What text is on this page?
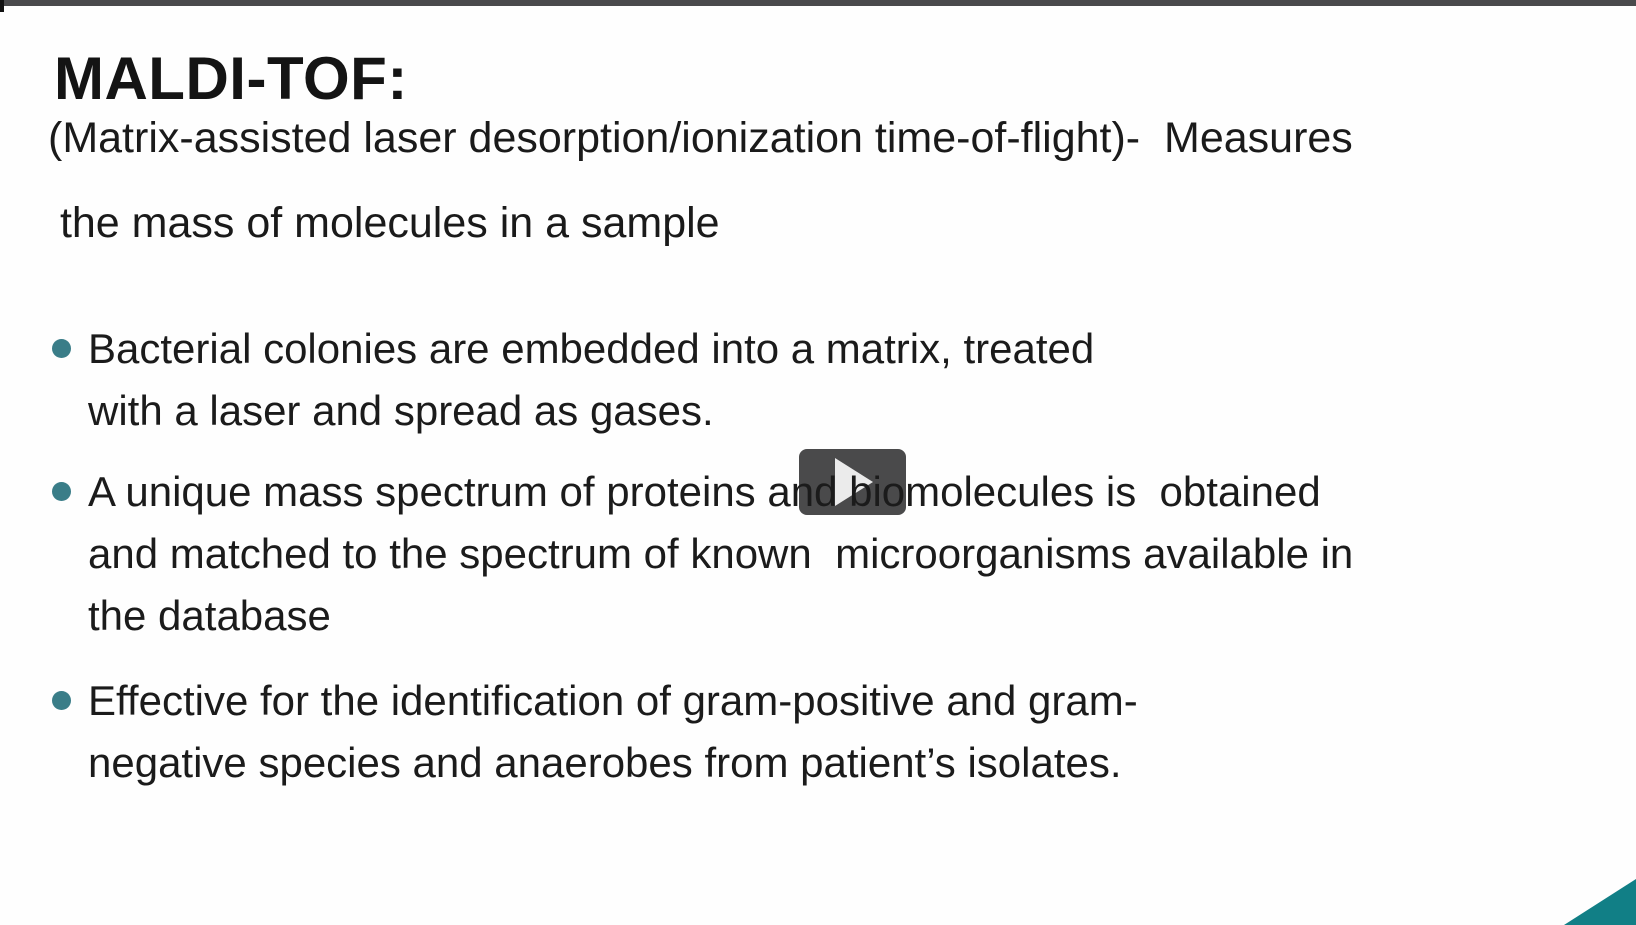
MALDI-TOF:
(Matrix-assisted laser desorption/ionization time-of-flight)-  Measures
the mass of molecules in a sample
Bacterial colonies are embedded into a matrix, treated
with a laser and spread as gases.
A unique mass spectrum of proteins and biomolecules is  obtained
and matched to the spectrum of known  microorganisms available in
the database
Effective for the identification of gram-positive and gram-
negative species and anaerobes from patient’s isolates.
